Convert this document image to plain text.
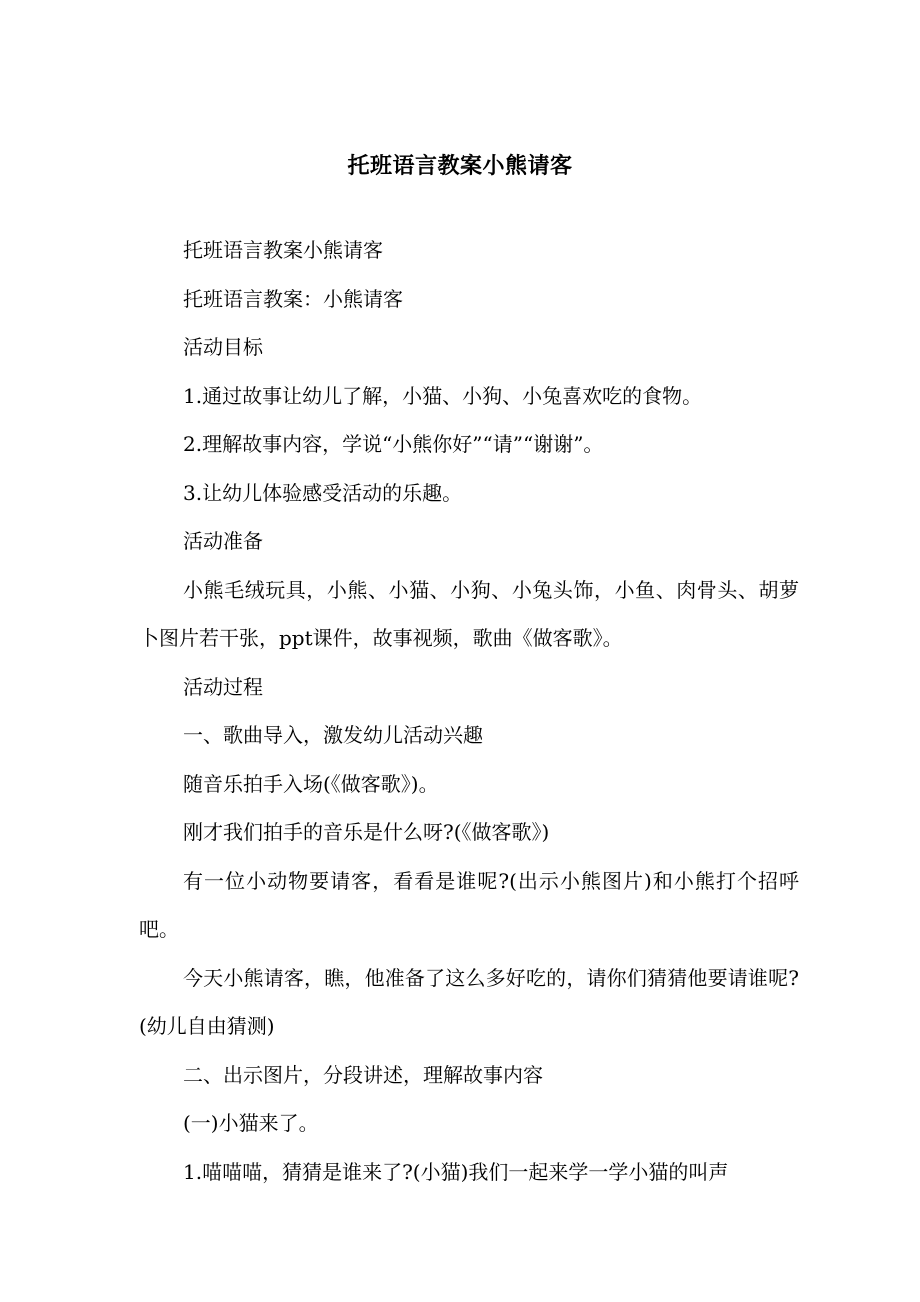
托班语言教案小熊请客

托班语言教案小熊请客

托班语言教案：小熊请客

活动目标

1.通过故事让幼儿了解，小猫、小狗、小兔喜欢吃的食物。

2.理解故事内容，学说“小熊你好”“请”“谢谢”。

3.让幼儿体验感受活动的乐趣。

活动准备

小熊毛绒玩具，小熊、小猫、小狗、小兔头饰，小鱼、肉骨头、胡萝卜图片若干张，ppt课件，故事视频，歌曲《做客歌》。

活动过程

一、歌曲导入，激发幼儿活动兴趣

随音乐拍手入场(《做客歌》)。

刚才我们拍手的音乐是什么呀?(《做客歌》)

有一位小动物要请客，看看是谁呢?(出示小熊图片)和小熊打个招呼吧。

今天小熊请客，瞧，他准备了这么多好吃的，请你们猜猜他要请谁呢?(幼儿自由猜测)

二、出示图片，分段讲述，理解故事内容

(一)小猫来了。

1.喵喵喵，猜猜是谁来了?(小猫)我们一起来学一学小猫的叫声
